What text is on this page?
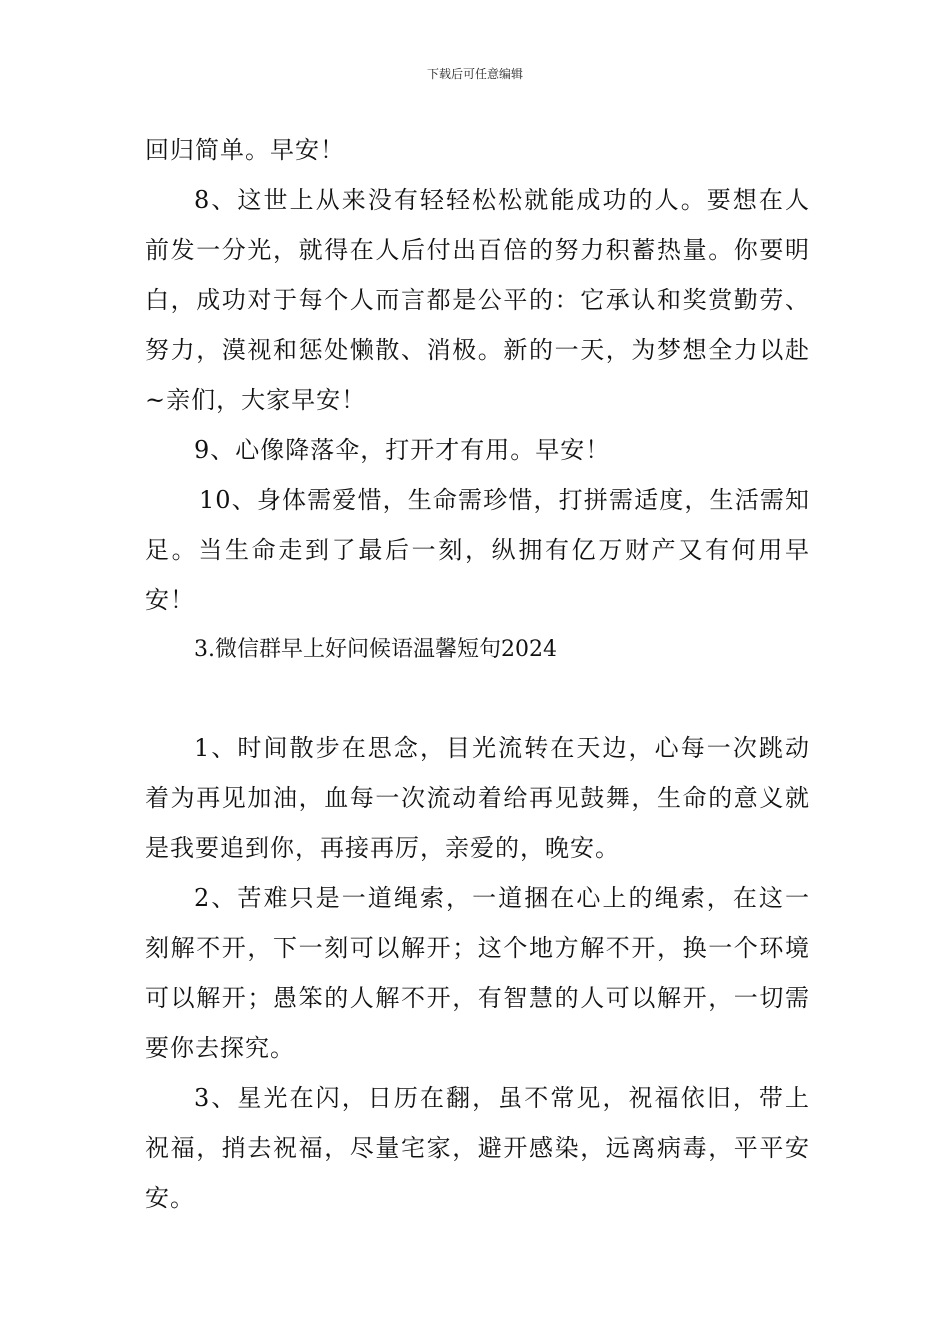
下载后可任意编辑

回归简单。早安！

8、这世上从来没有轻轻松松就能成功的人。要想在人前发一分光，就得在人后付出百倍的努力积蓄热量。你要明白，成功对于每个人而言都是公平的：它承认和奖赏勤劳、努力，漠视和惩处懒散、消极。新的一天，为梦想全力以赴~亲们，大家早安！

9、心像降落伞，打开才有用。早安！

10、身体需爱惜，生命需珍惜，打拼需适度，生活需知足。当生命走到了最后一刻，纵拥有亿万财产又有何用早安！

3.微信群早上好问候语温馨短句2024

1、时间散步在思念，目光流转在天边，心每一次跳动着为再见加油，血每一次流动着给再见鼓舞，生命的意义就是我要追到你，再接再厉，亲爱的，晚安。

2、苦难只是一道绳索，一道捆在心上的绳索，在这一刻解不开，下一刻可以解开；这个地方解不开，换一个环境可以解开；愚笨的人解不开，有智慧的人可以解开，一切需要你去探究。

3、星光在闪，日历在翻，虽不常见，祝福依旧，带上祝福，捎去祝福，尽量宅家，避开感染，远离病毒，平平安安。
